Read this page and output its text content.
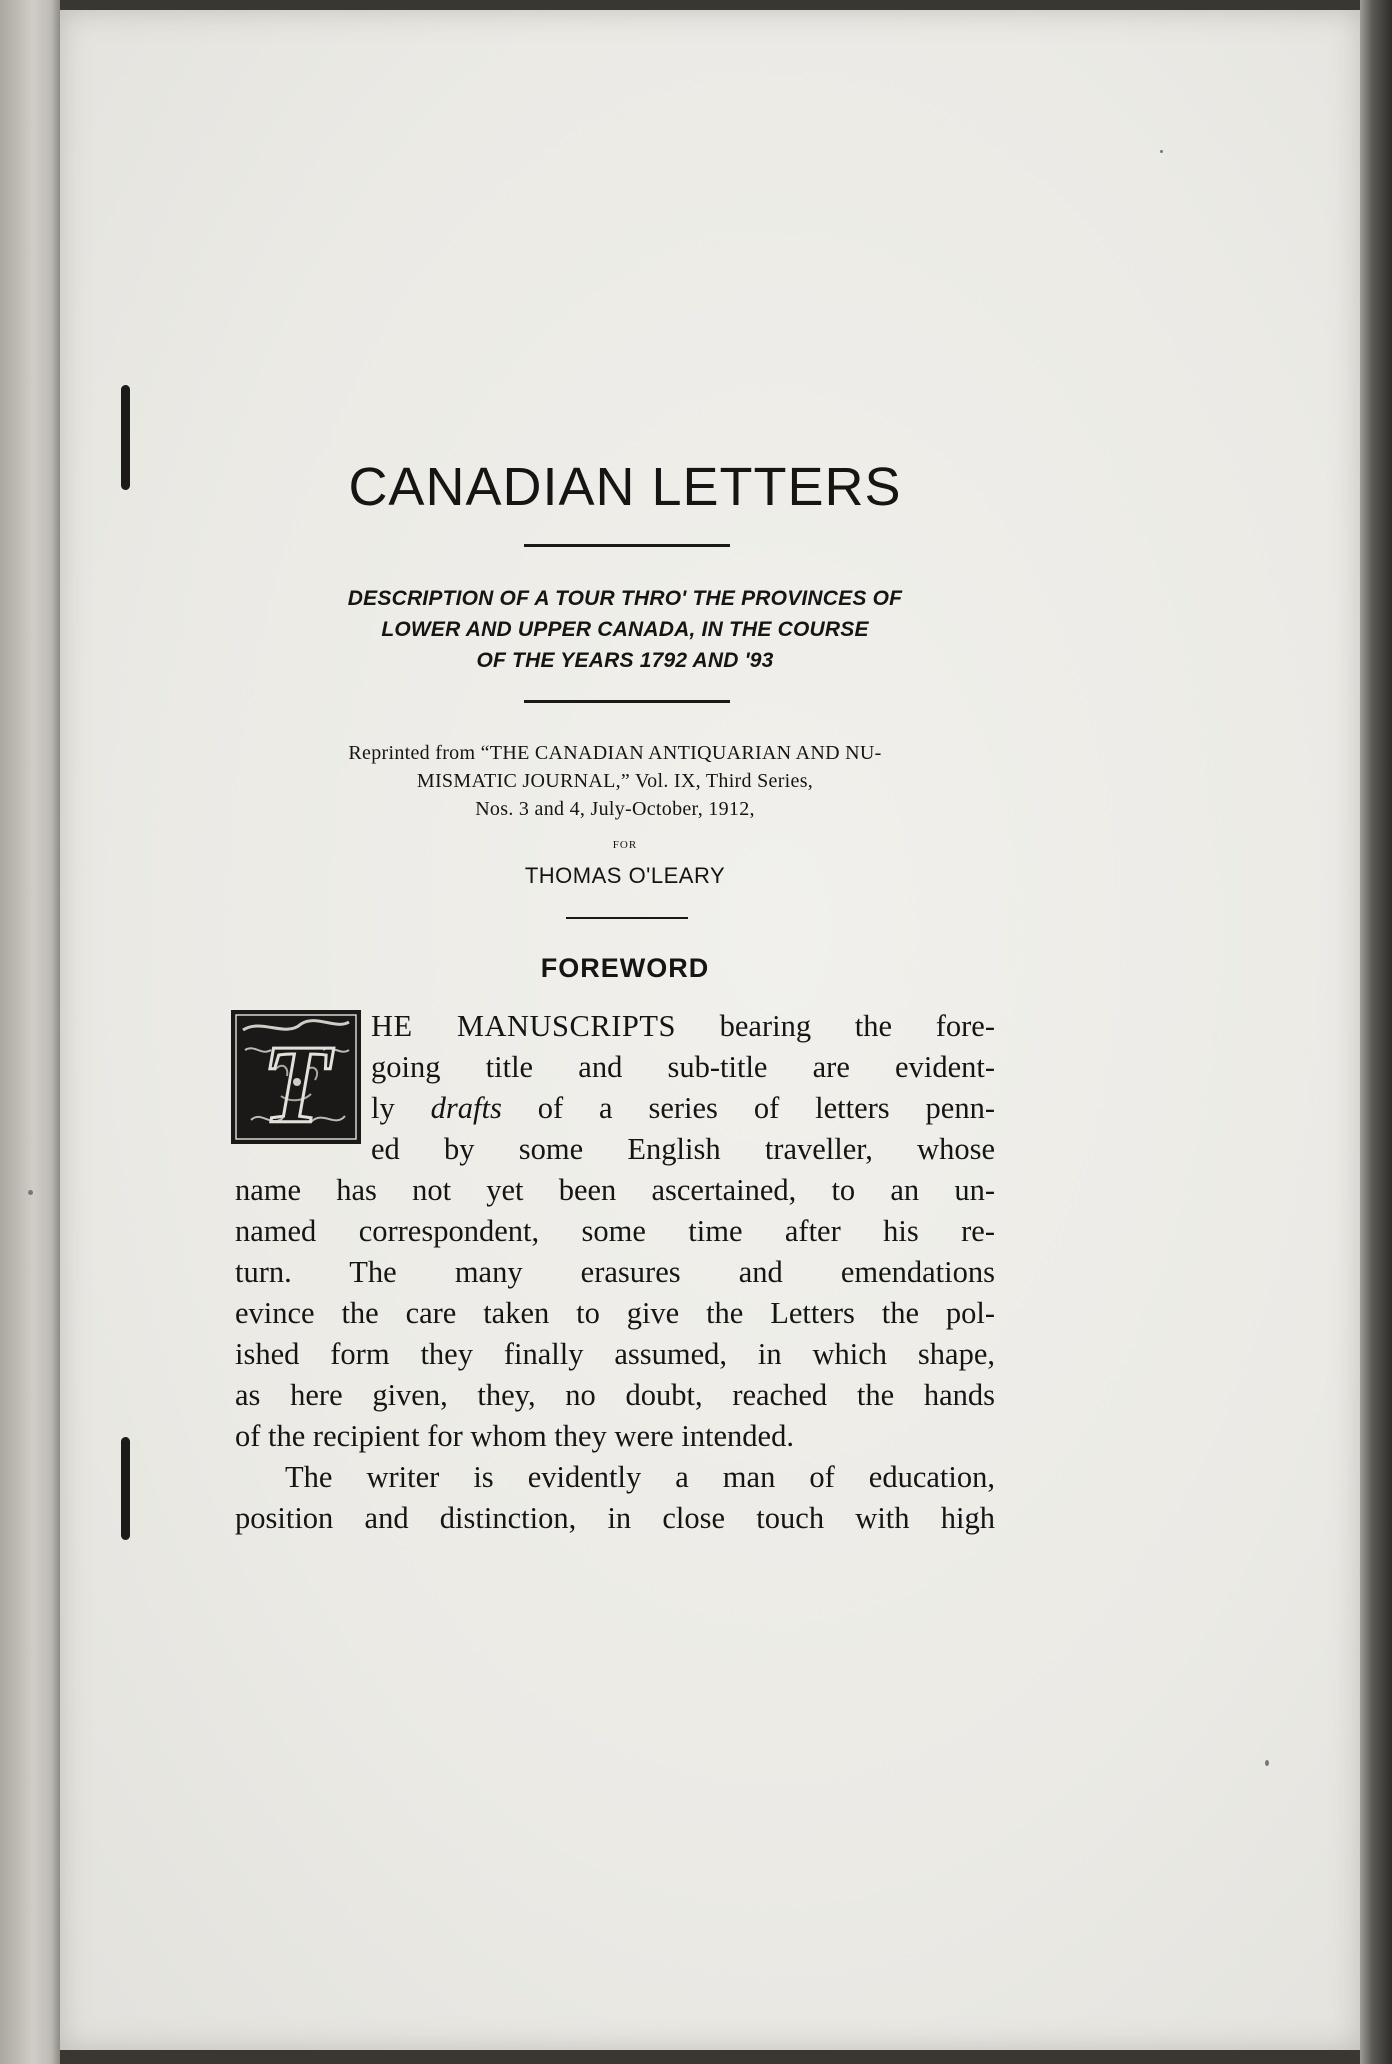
CANADIAN LETTERS
DESCRIPTION OF A TOUR THRO' THE PROVINCES OF
LOWER AND UPPER CANADA, IN THE COURSE
OF THE YEARS 1792 AND '93
Reprinted from “THE CANADIAN ANTIQUARIAN AND NU-
MISMATIC JOURNAL,” Vol. IX, Third Series,
Nos. 3 and 4, July-October, 1912,
FOR
THOMAS O'LEARY
FOREWORD
T	HE MANUSCRIPTS bearing the fore-
going title and sub-title are evident-
ly drafts of a series of letters penn-
ed by some English traveller, whose
name has not yet been ascertained, to an un-
named correspondent, some time after his re-
turn. The many erasures and emendations
evince the care taken to give the Letters the pol-
ished form they finally assumed, in which shape,
as here given, they, no doubt, reached the hands
of the recipient for whom they were intended.

The writer is evidently a man of education,
position and distinction, in close touch with high
